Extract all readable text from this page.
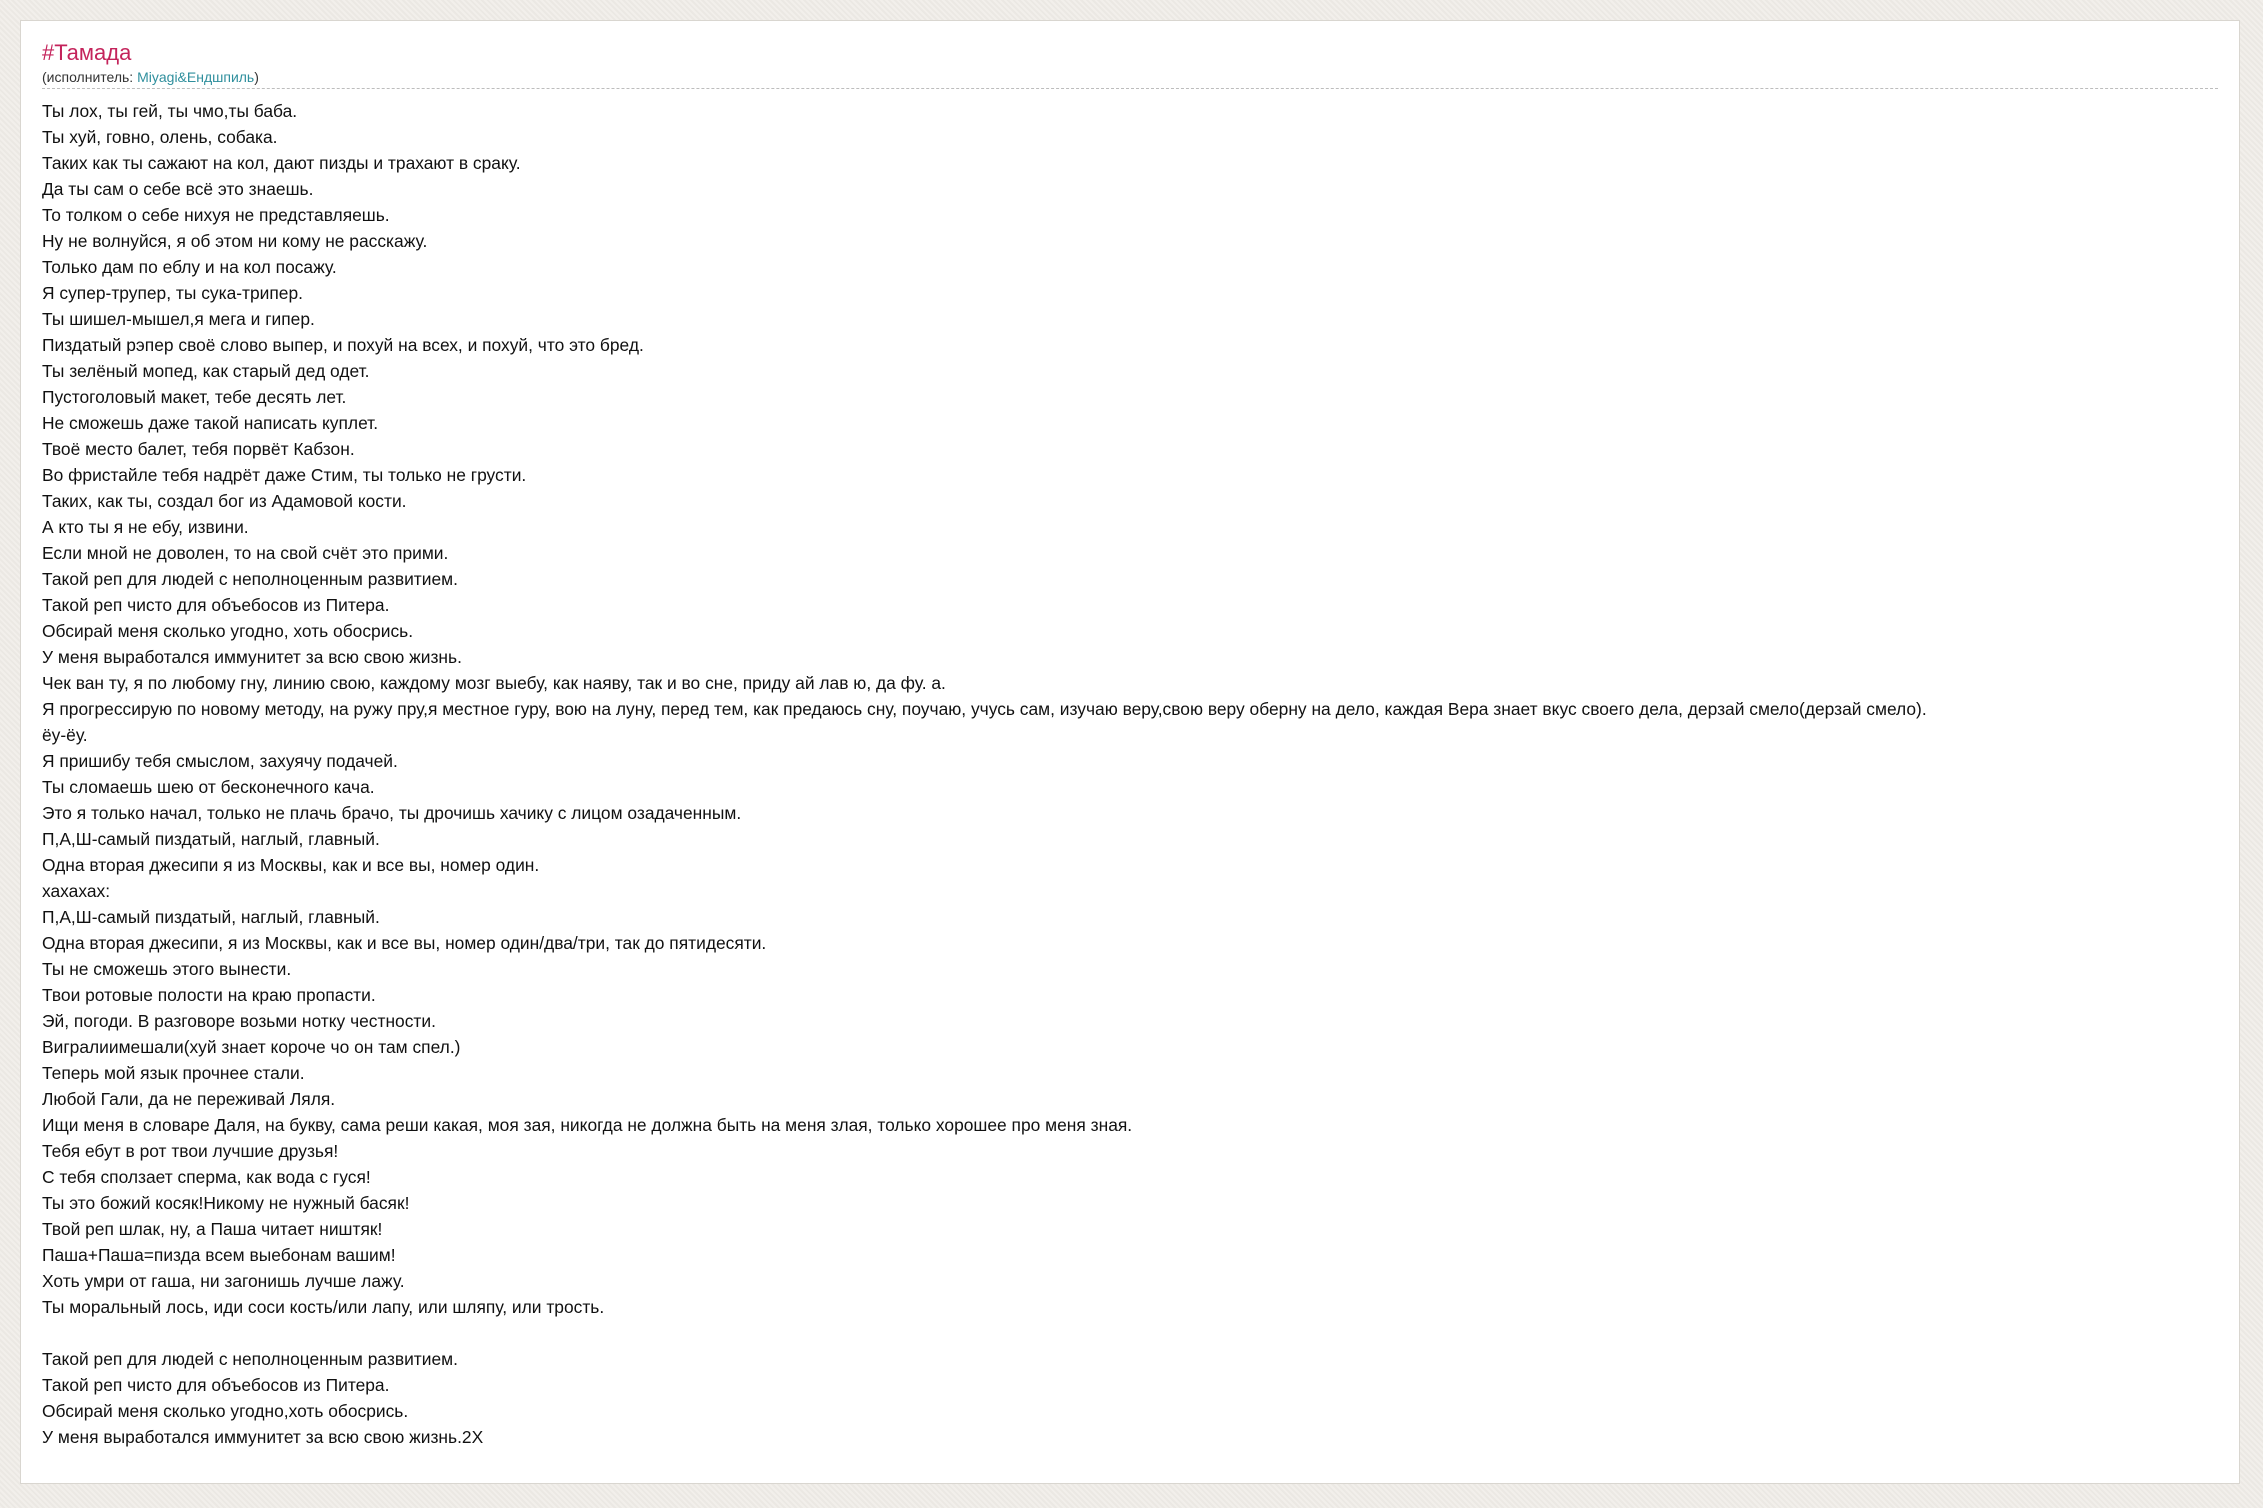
#Тамада
(исполнитель: Miyagi&Ендшпиль)
Ты лох, ты гей, ты чмо,ты баба.
Ты хуй, говно, олень, собака.
Таких как ты сажают на кол, дают пизды и трахают в сраку.
Да ты сам о себе всё это знаешь.
То толком о себе нихуя не представляешь.
Ну не волнуйся, я об этом ни кому не расскажу.
Только дам по еблу и на кол посажу.
Я супер-трупер, ты сука-трипер.
Ты шишел-мышел,я мега и гипер.
Пиздатый рэпер своё слово выпер, и похуй на всех, и похуй, что это бред.
Ты зелёный мопед, как старый дед одет.
Пустоголовый макет, тебе десять лет.
Не сможешь даже такой написать куплет.
Твоё место балет, тебя порвёт Кабзон.
Во фристайле тебя надрёт даже Стим, ты только не грусти.
Таких, как ты, создал бог из Адамовой кости.
А кто ты я не ебу, извини.
Если мной не доволен, то на свой счёт это прими.
Такой реп для людей с неполноценным развитием.
Такой реп чисто для объебосов из Питера.
Обсирай меня сколько угодно, хоть обосрись.
У меня выработался иммунитет за всю свою жизнь.
Чек ван ту, я по любому гну, линию свою, каждому мозг выебу, как наяву, так и во сне, приду ай лав ю, да фу. а.
Я прогрессирую по новому методу, на ружу пру,я местное гуру, вою на луну, перед тем, как предаюсь сну, поучаю, учусь сам, изучаю веру,свою веру оберну на дело, каждая Вера знает вкус своего дела, дерзай смело(дерзай смело).
ёу-ёу.
Я пришибу тебя смыслом, захуячу подачей.
Ты сломаешь шею от бесконечного кача.
Это я только начал, только не плачь брачо, ты дрочишь хачику с лицом озадаченным.
П,А,Ш-самый пиздатый, наглый, главный.
Одна вторая джесипи я из Москвы, как и все вы, номер один.
хахахах:
П,А,Ш-самый пиздатый, наглый, главный.
Одна вторая джесипи, я из Москвы, как и все вы, номер один/два/три, так до пятидесяти.
Ты не сможешь этого вынести.
Твои ротовые полости на краю пропасти.
Эй, погоди. В разговоре возьми нотку честности.
Виграли​имешали(хуй знает короче чо он там спел.)
Теперь мой язык прочнее стали.
Любой Гали, да не переживай Ляля.
Ищи меня в словаре Даля, на букву, сама реши какая, моя зая, никогда не должна быть на меня злая, только хорошее про меня зная.
Тебя ебут в рот твои лучшие друзья!
С тебя сползает сперма, как вода с гуся!
Ты это божий косяк!Никому не нужный басяк!
Твой реп шлак, ну, а Паша читает ништяк!
Паша+Паша=пизда всем выебонам вашим!
Хоть умри от гаша, ни загонишь лучше лажу.
Ты моральный лось, иди соси кость/или лапу, или шляпу, или трость.
Такой реп для людей с неполноценным развитием.
Такой реп чисто для объебосов из Питера.
Обсирай меня сколько угодно,хоть обосрись.
У меня выработался иммунитет за всю свою жизнь.2Х
